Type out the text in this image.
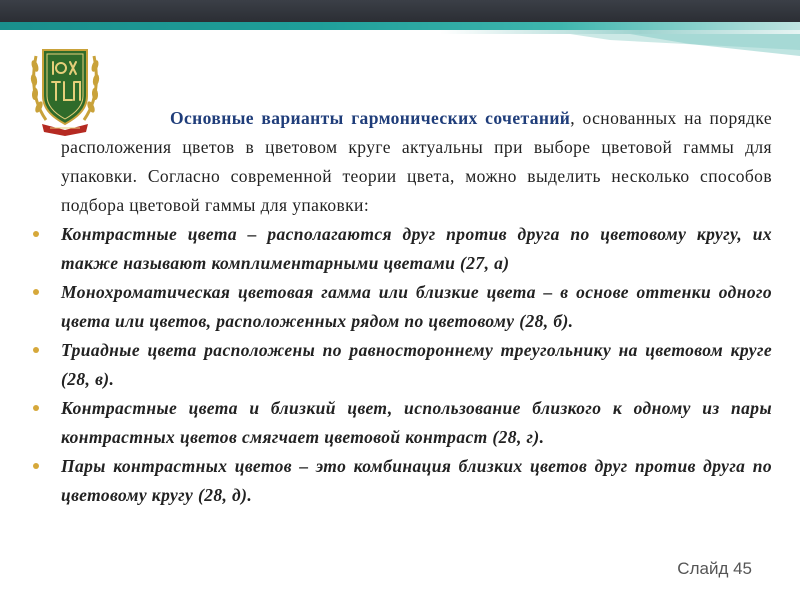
Основные варианты гармонических сочетаний, основанных на порядке расположения цветов в цветовом круге актуальны при выборе цветовой гаммы для упаковки. Согласно современной теории цвета, можно выделить несколько способов подбора цветовой гаммы для упаковки:

Контрастные цвета – располагаются друг против друга по цветовому кругу, их также называют комплиментарными цветами (27, а)
Монохроматическая цветовая гамма или близкие цвета – в основе оттенки одного цвета или цветов, расположенных рядом по цветовому (28, б).
Триадные цвета расположены по равностороннему треугольнику на цветовом круге (28, в).
Контрастные цвета и близкий цвет, использование близкого к одному из пары контрастных цветов смягчает цветовой контраст (28, г).
Пары контрастных цветов – это комбинация близких цветов друг против друга по цветовому кругу (28, д).
Слайд 45
